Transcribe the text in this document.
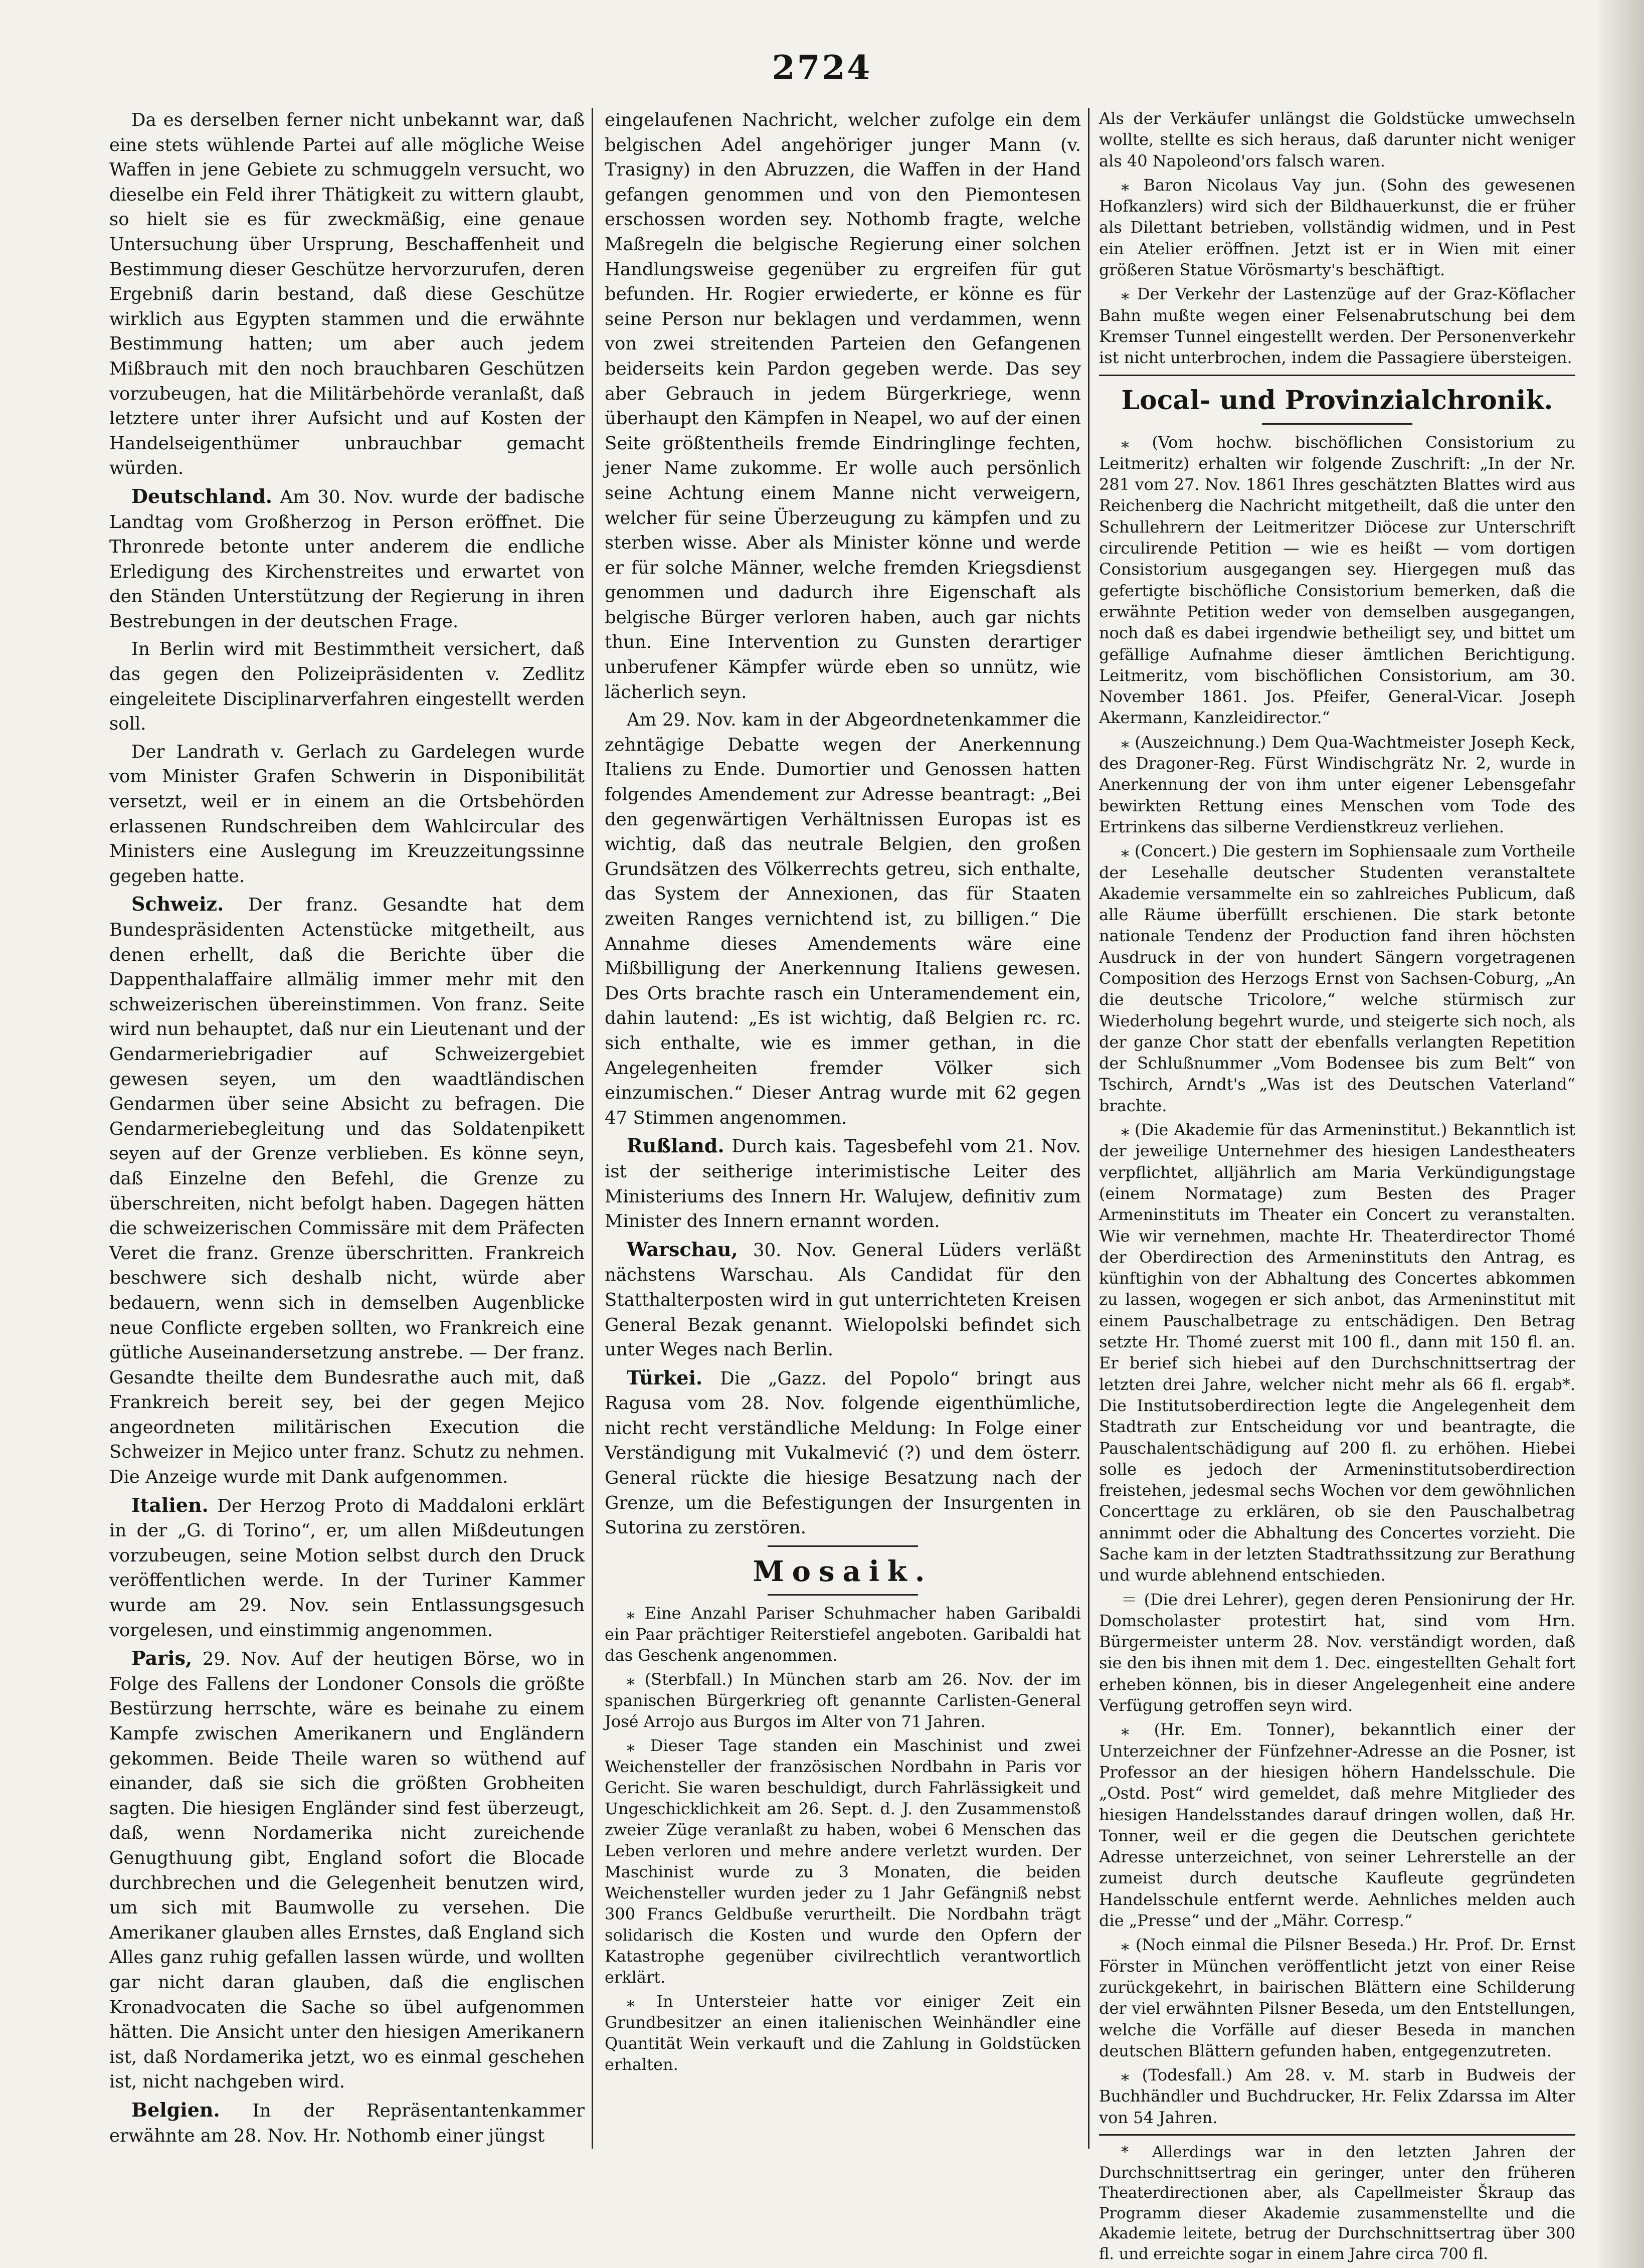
2724

Da es derselben ferner nicht unbekannt war, daß eine stets wühlende Partei auf alle mögliche Weise Waffen in jene Gebiete zu schmuggeln versucht, wo dieselbe ein Feld ihrer Thätigkeit zu wittern glaubt, so hielt sie es für zweckmäßig, eine genaue Untersuchung über Ursprung, Beschaffenheit und Bestimmung dieser Geschütze hervorzurufen, deren Ergebniß darin bestand, daß diese Geschütze wirklich aus Egypten stammen und die erwähnte Bestimmung hatten; um aber auch jedem Mißbrauch mit den noch brauchbaren Geschützen vorzubeugen, hat die Militärbehörde veranlaßt, daß letztere unter ihrer Aufsicht und auf Kosten der Handelseigenthümer unbrauchbar gemacht würden.

Deutschland. Am 30. Nov. wurde der badische Landtag vom Großherzog in Person eröffnet. Die Thronrede betonte unter anderem die endliche Erledigung des Kirchenstreites und erwartet von den Ständen Unterstützung der Regierung in ihren Bestrebungen in der deutschen Frage.

In Berlin wird mit Bestimmtheit versichert, daß das gegen den Polizeipräsidenten v. Zedlitz eingeleitete Disciplinarverfahren eingestellt werden soll.

Der Landrath v. Gerlach zu Gardelegen wurde vom Minister Grafen Schwerin in Disponibilität versetzt, weil er in einem an die Ortsbehörden erlassenen Rundschreiben dem Wahlcircular des Ministers eine Auslegung im Kreuzzeitungssinne gegeben hatte.

Schweiz. Der franz. Gesandte hat dem Bundespräsidenten Actenstücke mitgetheilt, aus denen erhellt, daß die Berichte über die Dappenthalaffaire allmälig immer mehr mit den schweizerischen übereinstimmen. Von franz. Seite wird nun behauptet, daß nur ein Lieutenant und der Gendarmeriebrigadier auf Schweizergebiet gewesen seyen, um den waadtländischen Gendarmen über seine Absicht zu befragen. Die Gendarmeriebegleitung und das Soldatenpikett seyen auf der Grenze verblieben. Es könne seyn, daß Einzelne den Befehl, die Grenze zu überschreiten, nicht befolgt haben. Dagegen hätten die schweizerischen Commissäre mit dem Präfecten Veret die franz. Grenze überschritten. Frankreich beschwere sich deshalb nicht, würde aber bedauern, wenn sich in demselben Augenblicke neue Conflicte ergeben sollten, wo Frankreich eine gütliche Auseinandersetzung anstrebe. — Der franz. Gesandte theilte dem Bundesrathe auch mit, daß Frankreich bereit sey, bei der gegen Mejico angeordneten militärischen Execution die Schweizer in Mejico unter franz. Schutz zu nehmen. Die Anzeige wurde mit Dank aufgenommen.

Italien. Der Herzog Proto di Maddaloni erklärt in der „G. di Torino“, er, um allen Mißdeutungen vorzubeugen, seine Motion selbst durch den Druck veröffentlichen werde. In der Turiner Kammer wurde am 29. Nov. sein Entlassungsgesuch vorgelesen, und einstimmig angenommen.

Paris, 29. Nov. Auf der heutigen Börse, wo in Folge des Fallens der Londoner Consols die größte Bestürzung herrschte, wäre es beinahe zu einem Kampfe zwischen Amerikanern und Engländern gekommen. Beide Theile waren so wüthend auf einander, daß sie sich die größten Grobheiten sagten. Die hiesigen Engländer sind fest überzeugt, daß, wenn Nordamerika nicht zureichende Genugthuung gibt, England sofort die Blocade durchbrechen und die Gelegenheit benutzen wird, um sich mit Baumwolle zu versehen. Die Amerikaner glauben alles Ernstes, daß England sich Alles ganz ruhig gefallen lassen würde, und wollten gar nicht daran glauben, daß die englischen Kronadvocaten die Sache so übel aufgenommen hätten. Die Ansicht unter den hiesigen Amerikanern ist, daß Nordamerika jetzt, wo es einmal geschehen ist, nicht nachgeben wird.

Belgien. In der Repräsentantenkammer erwähnte am 28. Nov. Hr. Nothomb einer jüngst

eingelaufenen Nachricht, welcher zufolge ein dem belgischen Adel angehöriger junger Mann (v. Trasigny) in den Abruzzen, die Waffen in der Hand gefangen genommen und von den Piemontesen erschossen worden sey. Nothomb fragte, welche Maßregeln die belgische Regierung einer solchen Handlungsweise gegenüber zu ergreifen für gut befunden. Hr. Rogier erwiederte, er könne es für seine Person nur beklagen und verdammen, wenn von zwei streitenden Parteien den Gefangenen beiderseits kein Pardon gegeben werde. Das sey aber Gebrauch in jedem Bürgerkriege, wenn überhaupt den Kämpfen in Neapel, wo auf der einen Seite größtentheils fremde Eindringlinge fechten, jener Name zukomme. Er wolle auch persönlich seine Achtung einem Manne nicht verweigern, welcher für seine Überzeugung zu kämpfen und zu sterben wisse. Aber als Minister könne und werde er für solche Männer, welche fremden Kriegsdienst genommen und dadurch ihre Eigenschaft als belgische Bürger verloren haben, auch gar nichts thun. Eine Intervention zu Gunsten derartiger unberufener Kämpfer würde eben so unnütz, wie lächerlich seyn.

Am 29. Nov. kam in der Abgeordnetenkammer die zehntägige Debatte wegen der Anerkennung Italiens zu Ende. Dumortier und Genossen hatten folgendes Amendement zur Adresse beantragt: „Bei den gegenwärtigen Verhältnissen Europas ist es wichtig, daß das neutrale Belgien, den großen Grundsätzen des Völkerrechts getreu, sich enthalte, das System der Annexionen, das für Staaten zweiten Ranges vernichtend ist, zu billigen.“ Die Annahme dieses Amendements wäre eine Mißbilligung der Anerkennung Italiens gewesen. Des Orts brachte rasch ein Unteramendement ein, dahin lautend: „Es ist wichtig, daß Belgien rc. rc. sich enthalte, wie es immer gethan, in die Angelegenheiten fremder Völker sich einzumischen.“ Dieser Antrag wurde mit 62 gegen 47 Stimmen angenommen.

Rußland. Durch kais. Tagesbefehl vom 21. Nov. ist der seitherige interimistische Leiter des Ministeriums des Innern Hr. Walujew, definitiv zum Minister des Innern ernannt worden.

Warschau, 30. Nov. General Lüders verläßt nächstens Warschau. Als Candidat für den Statthalterposten wird in gut unterrichteten Kreisen General Bezak genannt. Wielopolski befindet sich unter Weges nach Berlin.

Türkei. Die „Gazz. del Popolo“ bringt aus Ragusa vom 28. Nov. folgende eigenthümliche, nicht recht verständliche Meldung: In Folge einer Verständigung mit Vukalmević (?) und dem österr. General rückte die hiesige Besatzung nach der Grenze, um die Befestigungen der Insurgenten in Sutorina zu zerstören.

Mosaik.

⁎ Eine Anzahl Pariser Schuhmacher haben Garibaldi ein Paar prächtiger Reiterstiefel angeboten. Garibaldi hat das Geschenk angenommen.

⁎ (Sterbfall.) In München starb am 26. Nov. der im spanischen Bürgerkrieg oft genannte Carlisten-General José Arrojo aus Burgos im Alter von 71 Jahren.

⁎ Dieser Tage standen ein Maschinist und zwei Weichensteller der französischen Nordbahn in Paris vor Gericht. Sie waren beschuldigt, durch Fahrlässigkeit und Ungeschicklichkeit am 26. Sept. d. J. den Zusammenstoß zweier Züge veranlaßt zu haben, wobei 6 Menschen das Leben verloren und mehre andere verletzt wurden. Der Maschinist wurde zu 3 Monaten, die beiden Weichensteller wurden jeder zu 1 Jahr Gefängniß nebst 300 Francs Geldbuße verurtheilt. Die Nordbahn trägt solidarisch die Kosten und wurde den Opfern der Katastrophe gegenüber civilrechtlich verantwortlich erklärt.

⁎ In Untersteier hatte vor einiger Zeit ein Grundbesitzer an einen italienischen Weinhändler eine Quantität Wein verkauft und die Zahlung in Goldstücken erhalten.

Als der Verkäufer unlängst die Goldstücke umwechseln wollte, stellte es sich heraus, daß darunter nicht weniger als 40 Napoleond'ors falsch waren.

⁎ Baron Nicolaus Vay jun. (Sohn des gewesenen Hofkanzlers) wird sich der Bildhauerkunst, die er früher als Dilettant betrieben, vollständig widmen, und in Pest ein Atelier eröffnen. Jetzt ist er in Wien mit einer größeren Statue Vörösmarty's beschäftigt.

⁎ Der Verkehr der Lastenzüge auf der Graz-Köflacher Bahn mußte wegen einer Felsenabrutschung bei dem Kremser Tunnel eingestellt werden. Der Personenverkehr ist nicht unterbrochen, indem die Passagiere übersteigen.

Local- und Provinzialchronik.

⁎ (Vom hochw. bischöflichen Consistorium zu Leitmeritz) erhalten wir folgende Zuschrift: „In der Nr. 281 vom 27. Nov. 1861 Ihres geschätzten Blattes wird aus Reichenberg die Nachricht mitgetheilt, daß die unter den Schullehrern der Leitmeritzer Diöcese zur Unterschrift circulirende Petition — wie es heißt — vom dortigen Consistorium ausgegangen sey. Hiergegen muß das gefertigte bischöfliche Consistorium bemerken, daß die erwähnte Petition weder von demselben ausgegangen, noch daß es dabei irgendwie betheiligt sey, und bittet um gefällige Aufnahme dieser ämtlichen Berichtigung. Leitmeritz, vom bischöflichen Consistorium, am 30. November 1861. Jos. Pfeifer, General-Vicar. Joseph Akermann, Kanzleidirector.“

⁎ (Auszeichnung.) Dem Qua-Wachtmeister Joseph Keck, des Dragoner-Reg. Fürst Windischgrätz Nr. 2, wurde in Anerkennung der von ihm unter eigener Lebensgefahr bewirkten Rettung eines Menschen vom Tode des Ertrinkens das silberne Verdienstkreuz verliehen.

⁎ (Concert.) Die gestern im Sophiensaale zum Vortheile der Lesehalle deutscher Studenten veranstaltete Akademie versammelte ein so zahlreiches Publicum, daß alle Räume überfüllt erschienen. Die stark betonte nationale Tendenz der Production fand ihren höchsten Ausdruck in der von hundert Sängern vorgetragenen Composition des Herzogs Ernst von Sachsen-Coburg, „An die deutsche Tricolore,“ welche stürmisch zur Wiederholung begehrt wurde, und steigerte sich noch, als der ganze Chor statt der ebenfalls verlangten Repetition der Schlußnummer „Vom Bodensee bis zum Belt“ von Tschirch, Arndt's „Was ist des Deutschen Vaterland“ brachte.

⁎ (Die Akademie für das Armeninstitut.) Bekanntlich ist der jeweilige Unternehmer des hiesigen Landestheaters verpflichtet, alljährlich am Maria Verkündigungstage (einem Normatage) zum Besten des Prager Armeninstituts im Theater ein Concert zu veranstalten. Wie wir vernehmen, machte Hr. Theaterdirector Thomé der Oberdirection des Armeninstituts den Antrag, es künftighin von der Abhaltung des Concertes abkommen zu lassen, wogegen er sich anbot, das Armeninstitut mit einem Pauschalbetrage zu entschädigen. Den Betrag setzte Hr. Thomé zuerst mit 100 fl., dann mit 150 fl. an. Er berief sich hiebei auf den Durchschnittsertrag der letzten drei Jahre, welcher nicht mehr als 66 fl. ergab*. Die Institutsoberdirection legte die Angelegenheit dem Stadtrath zur Entscheidung vor und beantragte, die Pauschalentschädigung auf 200 fl. zu erhöhen. Hiebei solle es jedoch der Armeninstitutsoberdirection freistehen, jedesmal sechs Wochen vor dem gewöhnlichen Concerttage zu erklären, ob sie den Pauschalbetrag annimmt oder die Abhaltung des Concertes vorzieht. Die Sache kam in der letzten Stadtrathssitzung zur Berathung und wurde ablehnend entschieden.

＝ (Die drei Lehrer), gegen deren Pensionirung der Hr. Domscholaster protestirt hat, sind vom Hrn. Bürgermeister unterm 28. Nov. verständigt worden, daß sie den bis ihnen mit dem 1. Dec. eingestellten Gehalt fort erheben können, bis in dieser Angelegenheit eine andere Verfügung getroffen seyn wird.

⁎ (Hr. Em. Tonner), bekanntlich einer der Unterzeichner der Fünfzehner-Adresse an die Posner, ist Professor an der hiesigen höhern Handelsschule. Die „Ostd. Post“ wird gemeldet, daß mehre Mitglieder des hiesigen Handelsstandes darauf dringen wollen, daß Hr. Tonner, weil er die gegen die Deutschen gerichtete Adresse unterzeichnet, von seiner Lehrerstelle an der zumeist durch deutsche Kaufleute gegründeten Handelsschule entfernt werde. Aehnliches melden auch die „Presse“ und der „Mähr. Corresp.“

⁎ (Noch einmal die Pilsner Beseda.) Hr. Prof. Dr. Ernst Förster in München veröffentlicht jetzt von einer Reise zurückgekehrt, in bairischen Blättern eine Schilderung der viel erwähnten Pilsner Beseda, um den Entstellungen, welche die Vorfälle auf dieser Beseda in manchen deutschen Blättern gefunden haben, entgegenzutreten.

⁎ (Todesfall.) Am 28. v. M. starb in Budweis der Buchhändler und Buchdrucker, Hr. Felix Zdarssa im Alter von 54 Jahren.

* Allerdings war in den letzten Jahren der Durchschnittsertrag ein geringer, unter den früheren Theaterdirectionen aber, als Capellmeister Škraup das Programm dieser Akademie zusammenstellte und die Akademie leitete, betrug der Durchschnittsertrag über 300 fl. und erreichte sogar in einem Jahre circa 700 fl.
